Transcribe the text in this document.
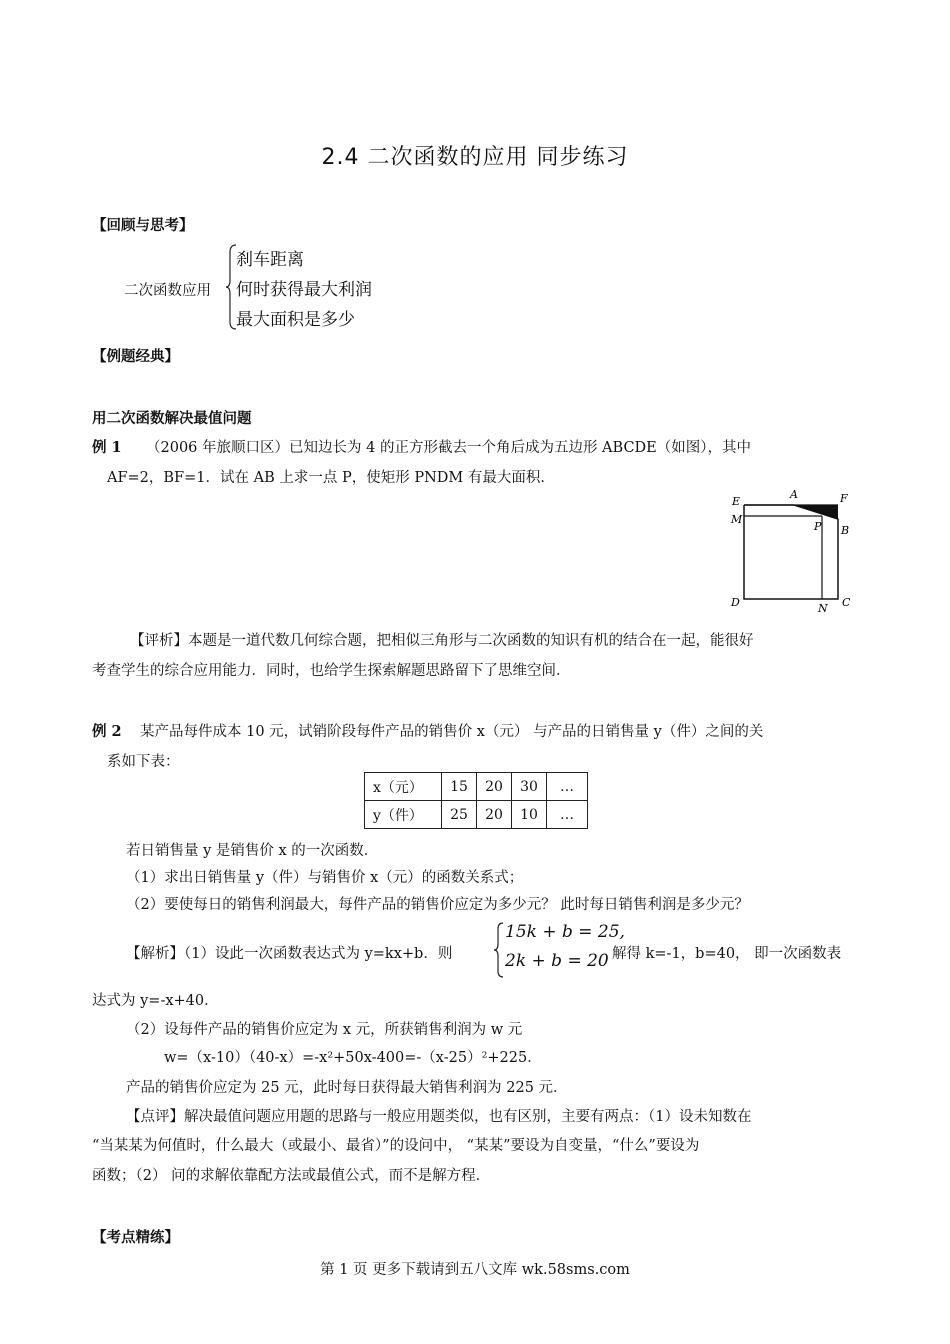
2.4 二次函数的应用 同步练习
【回顾与思考】
二次函数应用
刹车距离
何时获得最大利润
最大面积是多少
【例题经典】
用二次函数解决最值问题
例 1 （2006 年旅顺口区）已知边长为 4 的正方形截去一个角后成为五边形 ABCDE（如图），其中
AF=2，BF=1．试在 AB 上求一点 P，使矩形 PNDM 有最大面积．
E
A	F
M
P B
D	N C
【评析】本题是一道代数几何综合题，把相似三角形与二次函数的知识有机的结合在一起，能很好
考查学生的综合应用能力．同时，也给学生探索解题思路留下了思维空间．
例 2 某产品每件成本 10 元，试销阶段每件产品的销售价 x（元） 与产品的日销售量 y（件）之间的关
系如下表：
x（元）	15	20	30	…
y（件）	25	20	10	…
若日销售量 y 是销售价 x 的一次函数．
（1）求出日销售量 y（件）与销售价 x（元）的函数关系式；
（2）要使每日的销售利润最大，每件产品的销售价应定为多少元？ 此时每日销售利润是多少元？
【解析】（1）设此一次函数表达式为 y=kx+b．则
15k + b = 25,
2k + b = 20 解得 k=-1，b=40， 即一次函数表
达式为 y=-x+40．
（2）设每件产品的销售价应定为 x 元，所获销售利润为 w 元
w=（x-10）（40-x）=-x²+50x-400=-（x-25）²+225．
产品的销售价应定为 25 元，此时每日获得最大销售利润为 225 元．
【点评】解决最值问题应用题的思路与一般应用题类似，也有区别，主要有两点：（1）设未知数在
“当某某为何值时，什么最大（或最小、最省）”的设问中， “某某”要设为自变量，“什么”要设为
函数；（2） 问的求解依靠配方法或最值公式，而不是解方程．
【考点精练】
第 1 页 更多下载请到五八文库 wk.58sms.com
